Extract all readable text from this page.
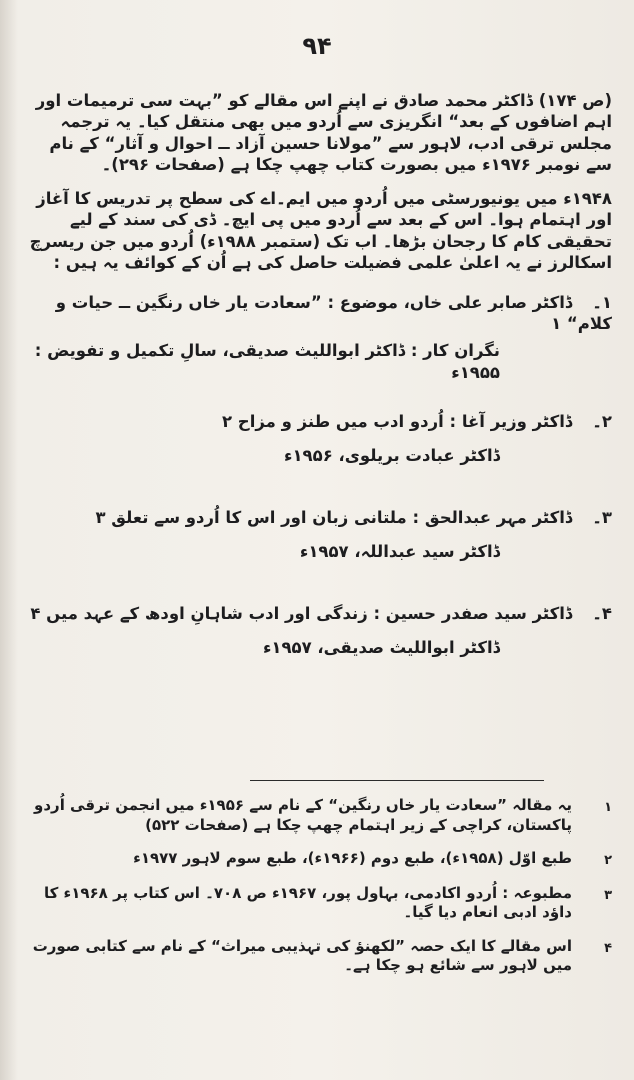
۹۴

(ص ۱۷۴) ڈاکٹر محمد صادق نے اپنے اس مقالے کو ”بہت سی ترمیمات اور اہم اضافوں کے بعد“ انگریزی سے اُردو میں بھی منتقل کیا۔ یہ ترجمہ مجلس ترقی ادب، لاہور سے ”مولانا حسین آزاد ــ احوال و آثار“ کے نام سے نومبر ۱۹۷۶ء میں بصورت کتاب چھپ چکا ہے (صفحات ۲۹۶)۔

۱۹۴۸ء میں یونیورسٹی میں اُردو میں ایم۔اے کی سطح پر تدریس کا آغاز اور اہتمام ہوا۔ اس کے بعد سے اُردو میں پی ایچ۔ ڈی کی سند کے لیے تحقیقی کام کا رجحان بڑھا۔ اب تک (ستمبر ۱۹۸۸ء) اُردو میں جن ریسرچ اسکالرز نے یہ اعلیٰ علمی فضیلت حاصل کی ہے اُن کے کوائف یہ ہیں :

۱۔ ڈاکٹر صابر علی خاں، موضوع : ”سعادت یار خاں رنگین ــ حیات و کلام“ ۱
نگران کار : ڈاکٹر ابواللیث صدیقی، سالِ تکمیل و تفویض : ۱۹۵۵ء
۲۔ ڈاکٹر وزیر آغا : اُردو ادب میں طنز و مزاح ۲
ڈاکٹر عبادت بریلوی، ۱۹۵۶ء
۳۔ ڈاکٹر مہر عبدالحق : ملتانی زبان اور اس کا اُردو سے تعلق ۳
ڈاکٹر سید عبداللہ، ۱۹۵۷ء
۴۔ ڈاکٹر سید صفدر حسین : زندگی اور ادب شاہانِ اودھ کے عہد میں ۴
ڈاکٹر ابواللیث صدیقی، ۱۹۵۷ء
۱
یہ مقالہ ”سعادت یار خاں رنگین“ کے نام سے ۱۹۵۶ء میں انجمن ترقی اُردو پاکستان، کراچی کے زیر اہتمام چھپ چکا ہے (صفحات ۵۲۲)
۲
طبع اوّل (۱۹۵۸ء)، طبع دوم (۱۹۶۶ء)، طبع سوم لاہور ۱۹۷۷ء
۳
مطبوعہ : اُردو اکادمی، بہاول پور، ۱۹۶۷ء ص ۷۰۸۔ اس کتاب پر ۱۹۶۸ء کا داؤد ادبی انعام دیا گیا۔
۴
اس مقالے کا ایک حصہ ”لکھنؤ کی تہذیبی میراث“ کے نام سے کتابی صورت میں لاہور سے شائع ہو چکا ہے۔
